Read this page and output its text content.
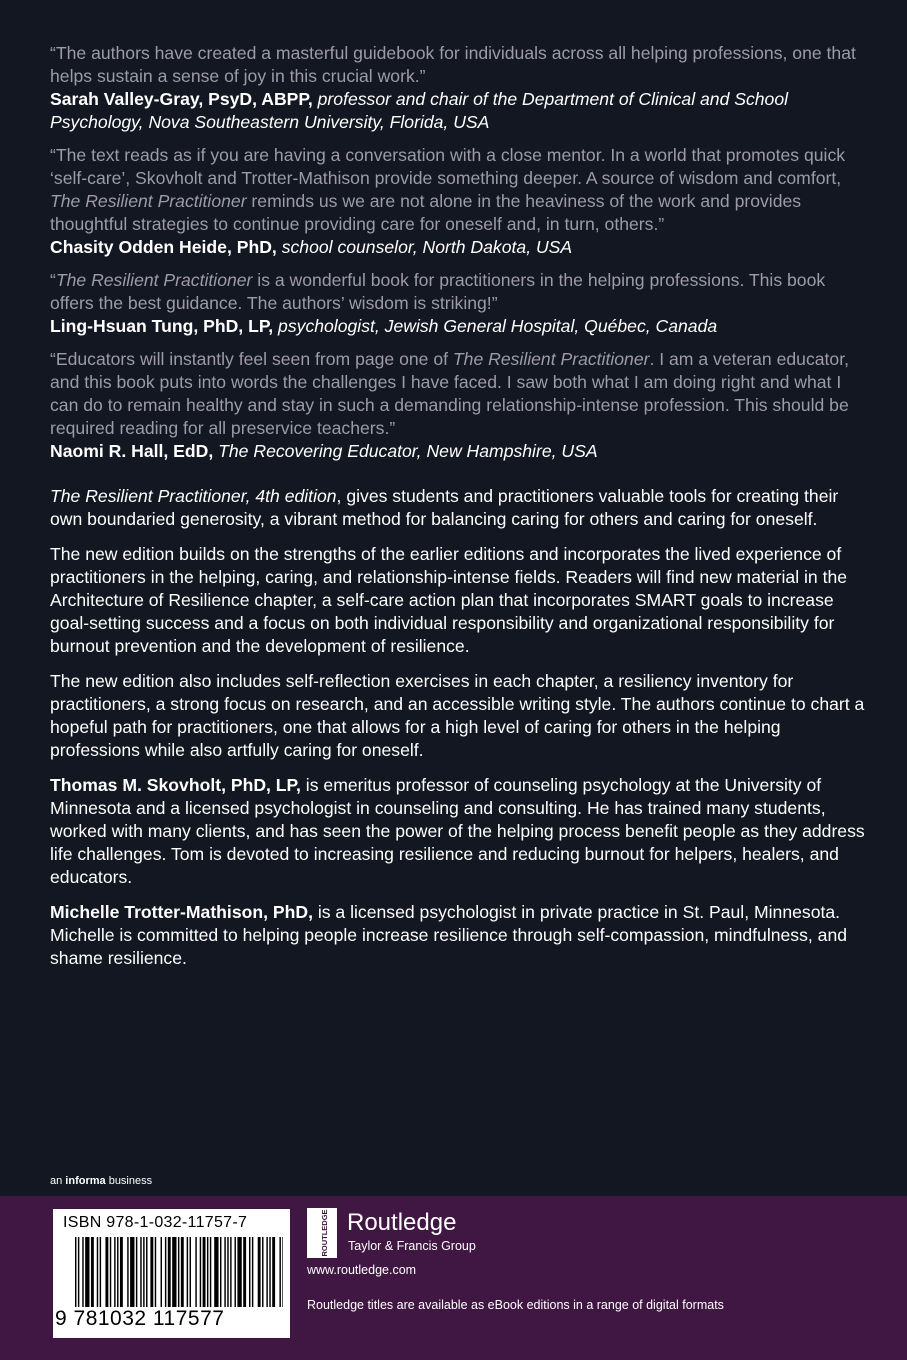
“The authors have created a masterful guidebook for individuals across all helping professions, one that helps sustain a sense of joy in this crucial work.”

Sarah Valley-Gray, PsyD, ABPP, professor and chair of the Department of Clinical and School Psychology, Nova Southeastern University, Florida, USA

“The text reads as if you are having a conversation with a close mentor. In a world that promotes quick ‘self-care’, Skovholt and Trotter-Mathison provide something deeper. A source of wisdom and comfort, The Resilient Practitioner reminds us we are not alone in the heaviness of the work and provides thoughtful strategies to continue providing care for oneself and, in turn, others.”

Chasity Odden Heide, PhD, school counselor, North Dakota, USA

“The Resilient Practitioner is a wonderful book for practitioners in the helping professions. This book offers the best guidance. The authors’ wisdom is striking!”

Ling-Hsuan Tung, PhD, LP, psychologist, Jewish General Hospital, Québec, Canada

“Educators will instantly feel seen from page one of The Resilient Practitioner. I am a veteran educator, and this book puts into words the challenges I have faced. I saw both what I am doing right and what I can do to remain healthy and stay in such a demanding relationship-intense profession. This should be required reading for all preservice teachers.”

Naomi R. Hall, EdD, The Recovering Educator, New Hampshire, USA

The Resilient Practitioner, 4th edition, gives students and practitioners valuable tools for creating their own boundaried generosity, a vibrant method for balancing caring for others and caring for oneself.

The new edition builds on the strengths of the earlier editions and incorporates the lived experience of practitioners in the helping, caring, and relationship-intense fields. Readers will find new material in the Architecture of Resilience chapter, a self-care action plan that incorporates SMART goals to increase goal-setting success and a focus on both individual responsibility and organizational responsibility for burnout prevention and the development of resilience.

The new edition also includes self-reflection exercises in each chapter, a resiliency inventory for practitioners, a strong focus on research, and an accessible writing style. The authors continue to chart a hopeful path for practitioners, one that allows for a high level of caring for others in the helping professions while also artfully caring for oneself.

Thomas M. Skovholt, PhD, LP, is emeritus professor of counseling psychology at the University of Minnesota and a licensed psychologist in counseling and consulting. He has trained many students, worked with many clients, and has seen the power of the helping process benefit people as they address life challenges. Tom is devoted to increasing resilience and reducing burnout for helpers, healers, and educators.

Michelle Trotter-Mathison, PhD, is a licensed psychologist in private practice in St. Paul, Minnesota. Michelle is committed to helping people increase resilience through self-compassion, mindfulness, and shame resilience.

an informa business
ISBN 978-1-032-11757-7
9 781032 117577
ROUTLEDGE Routledge
Taylor & Francis Group
www.routledge.com
Routledge titles are available as eBook editions in a range of digital formats
